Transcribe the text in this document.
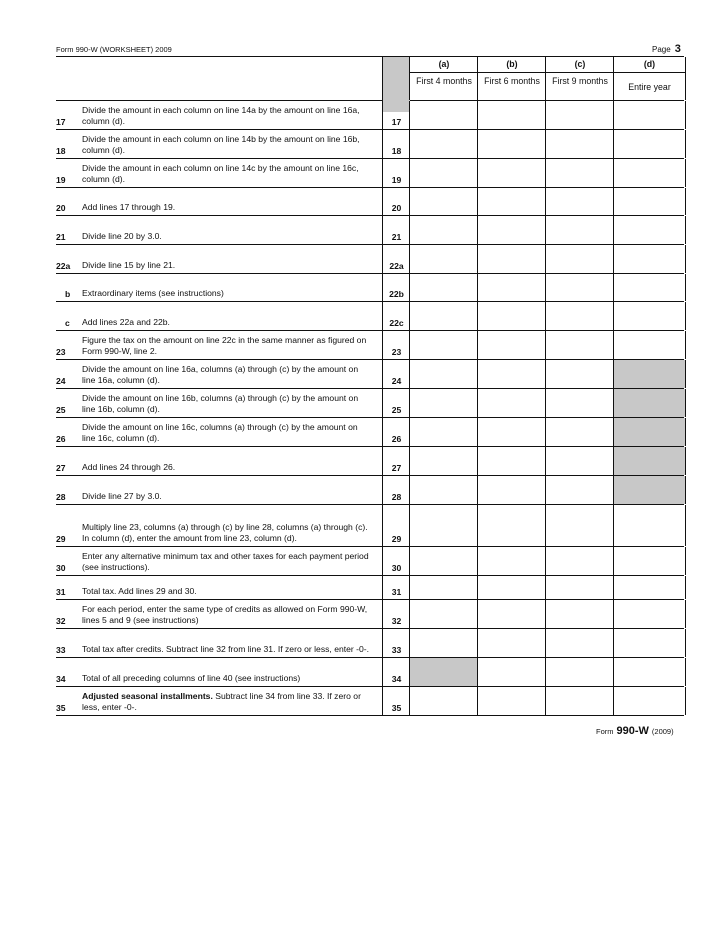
Form 990-W (WORKSHEET) 2009	Page 3
(a)
First 4 months
(b)
First 6 months
(c)
First 9 months
(d)
Entire year
17
Divide the amount in each column on line 14a by the amount on line 16a, column (d).	17
18
Divide the amount in each column on line 14b by the amount on line 16b, column (d).	18
19
Divide the amount in each column on line 14c by the amount on line 16c, column (d).	19
20 Add lines 17 through 19.	20
21 Divide line 20 by 3.0.	21
22a Divide line 15 by line 21.	22a
b Extraordinary items (see instructions)	22b
c Add lines 22a and 22b.	22c
23
Figure the tax on the amount on line 22c in the same manner as figured on Form 990-W, line 2.	23
24
Divide the amount on line 16a, columns (a) through (c) by the amount on line 16a, column (d).	24
25
Divide the amount on line 16b, columns (a) through (c) by the amount on line 16b, column (d).	25
26
Divide the amount on line 16c, columns (a) through (c) by the amount on line 16c, column (d).	26
27 Add lines 24 through 26.	27
28 Divide line 27 by 3.0.	28
29
Multiply line 23, columns (a) through (c) by line 28, columns (a) through (c). In column (d), enter the amount from line 23, column (d).	29
30
Enter any alternative minimum tax and other taxes for each payment period (see instructions).	30
31 Total tax. Add lines 29 and 30.	31
32
For each period, enter the same type of credits as allowed on Form 990-W, lines 5 and 9 (see instructions)	32
33 Total tax after credits. Subtract line 32 from line 31. If zero or less, enter -0-.	33
34 Total of all preceding columns of line 40 (see instructions)	34
35
Adjusted seasonal installments. Subtract line 34 from line 33. If zero or less, enter -0-.	35
Form 990-W (2009)
